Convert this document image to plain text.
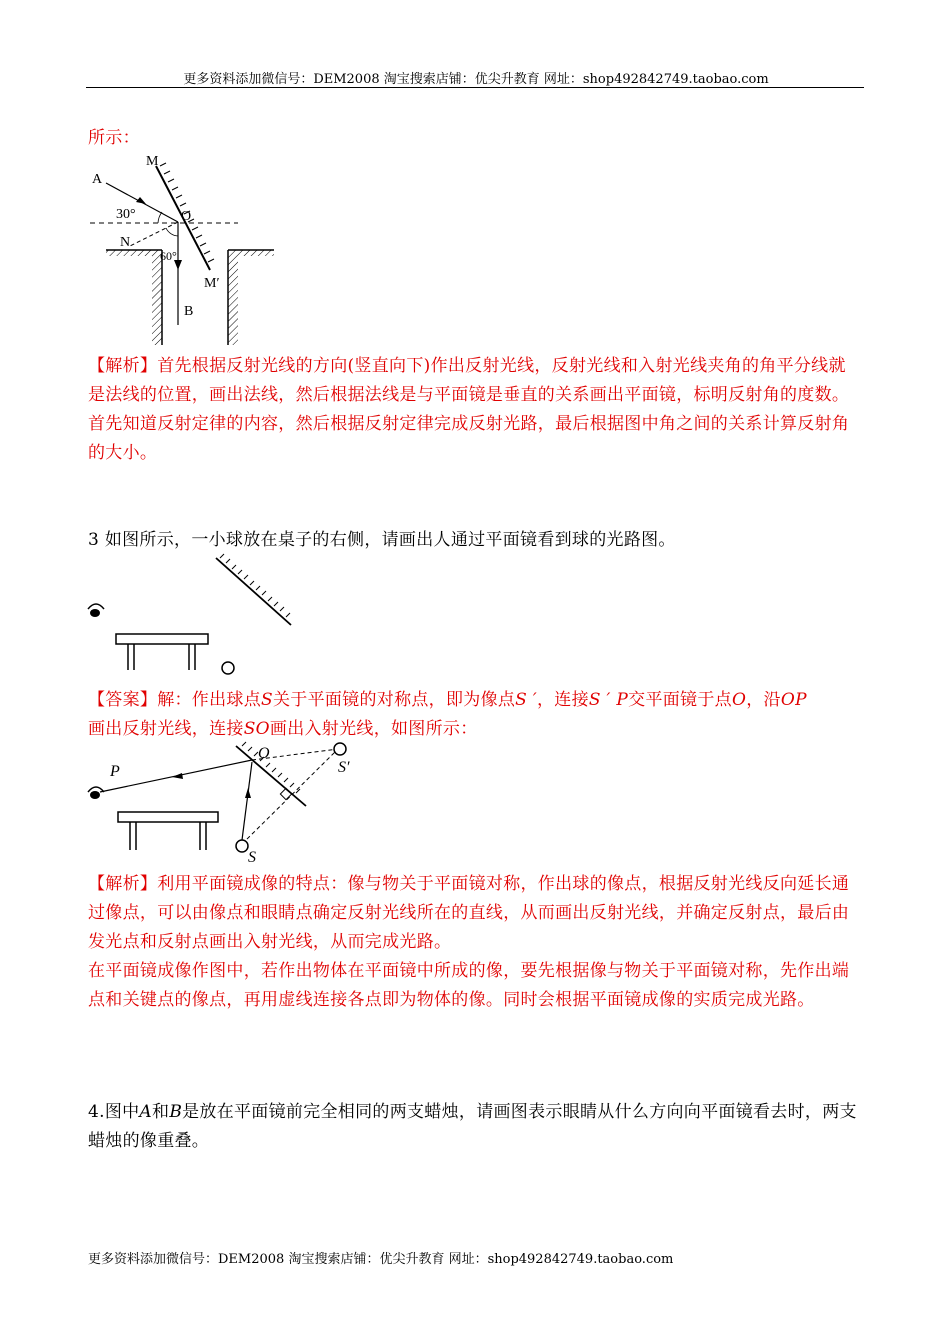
更多资料添加微信号：DEM2008 淘宝搜索店铺：优尖升教育 网址：shop492842749.taobao.com
所示：
A
M
O
N
M′
B
30°
60°
【解析】首先根据反射光线的方向(竖直向下)作出反射光线，反射光线和入射光线夹角的角平分线就是法线的位置，画出法线，然后根据法线是与平面镜是垂直的关系画出平面镜，标明反射角的度数。
首先知道反射定律的内容，然后根据反射定律完成反射光路，最后根据图中角之间的关系计算反射角的大小。
3 如图所示，一小球放在桌子的右侧，请画出人通过平面镜看到球的光路图。
【答案】解：作出球点S关于平面镜的对称点，即为像点S ′，连接S ′ P交平面镜于点O，沿OP
画出反射光线，连接SO画出入射光线，如图所示：
P
O
S′
S
【解析】利用平面镜成像的特点：像与物关于平面镜对称，作出球的像点，根据反射光线反向延长通过像点，可以由像点和眼睛点确定反射光线所在的直线，从而画出反射光线，并确定反射点，最后由发光点和反射点画出入射光线，从而完成光路。
在平面镜成像作图中，若作出物体在平面镜中所成的像，要先根据像与物关于平面镜对称，先作出端点和关键点的像点，再用虚线连接各点即为物体的像。同时会根据平面镜成像的实质完成光路。
4.图中A和B是放在平面镜前完全相同的两支蜡烛，请画图表示眼睛从什么方向向平面镜看去时，两支蜡烛的像重叠。
更多资料添加微信号：DEM2008 淘宝搜索店铺：优尖升教育 网址：shop492842749.taobao.com
